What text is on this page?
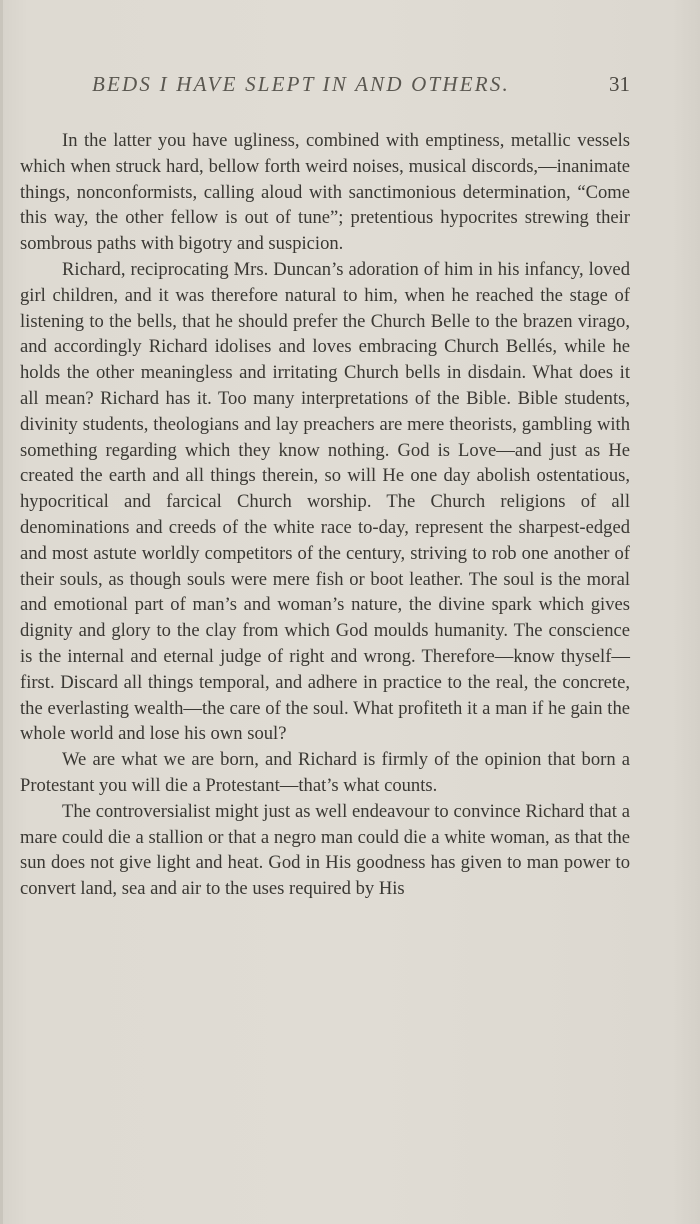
BEDS I HAVE SLEPT IN AND OTHERS.	31

In the latter you have ugliness, combined with emptiness, metallic vessels which when struck hard, bellow forth weird noises, musical discords,—inanimate things, nonconformists, calling aloud with sanctimonious determination, “Come this way, the other fellow is out of tune”; pretentious hypocrites strewing their sombrous paths with bigotry and suspicion.

Richard, reciprocating Mrs. Duncan’s adoration of him in his infancy, loved girl children, and it was therefore natural to him, when he reached the stage of listening to the bells, that he should prefer the Church Belle to the brazen virago, and accordingly Richard idolises and loves embracing Church Bellés, while he holds the other meaningless and irritating Church bells in disdain. What does it all mean? Richard has it. Too many interpretations of the Bible. Bible students, divinity students, theologians and lay preachers are mere theorists, gambling with something regarding which they know nothing. God is Love—and just as He created the earth and all things therein, so will He one day abolish ostentatious, hypocritical and farcical Church worship. The Church religions of all denominations and creeds of the white race to-day, represent the sharpest-edged and most astute worldly competitors of the century, striving to rob one another of their souls, as though souls were mere fish or boot leather. The soul is the moral and emotional part of man’s and woman’s nature, the divine spark which gives dignity and glory to the clay from which God moulds humanity. The conscience is the internal and eternal judge of right and wrong. Therefore—know thyself—first. Discard all things temporal, and adhere in practice to the real, the concrete, the everlasting wealth—the care of the soul. What profiteth it a man if he gain the whole world and lose his own soul?

We are what we are born, and Richard is firmly of the opinion that born a Protestant you will die a Protestant—that’s what counts.

The controversialist might just as well endeavour to convince Richard that a mare could die a stallion or that a negro man could die a white woman, as that the sun does not give light and heat. God in His goodness has given to man power to convert land, sea and air to the uses required by His
